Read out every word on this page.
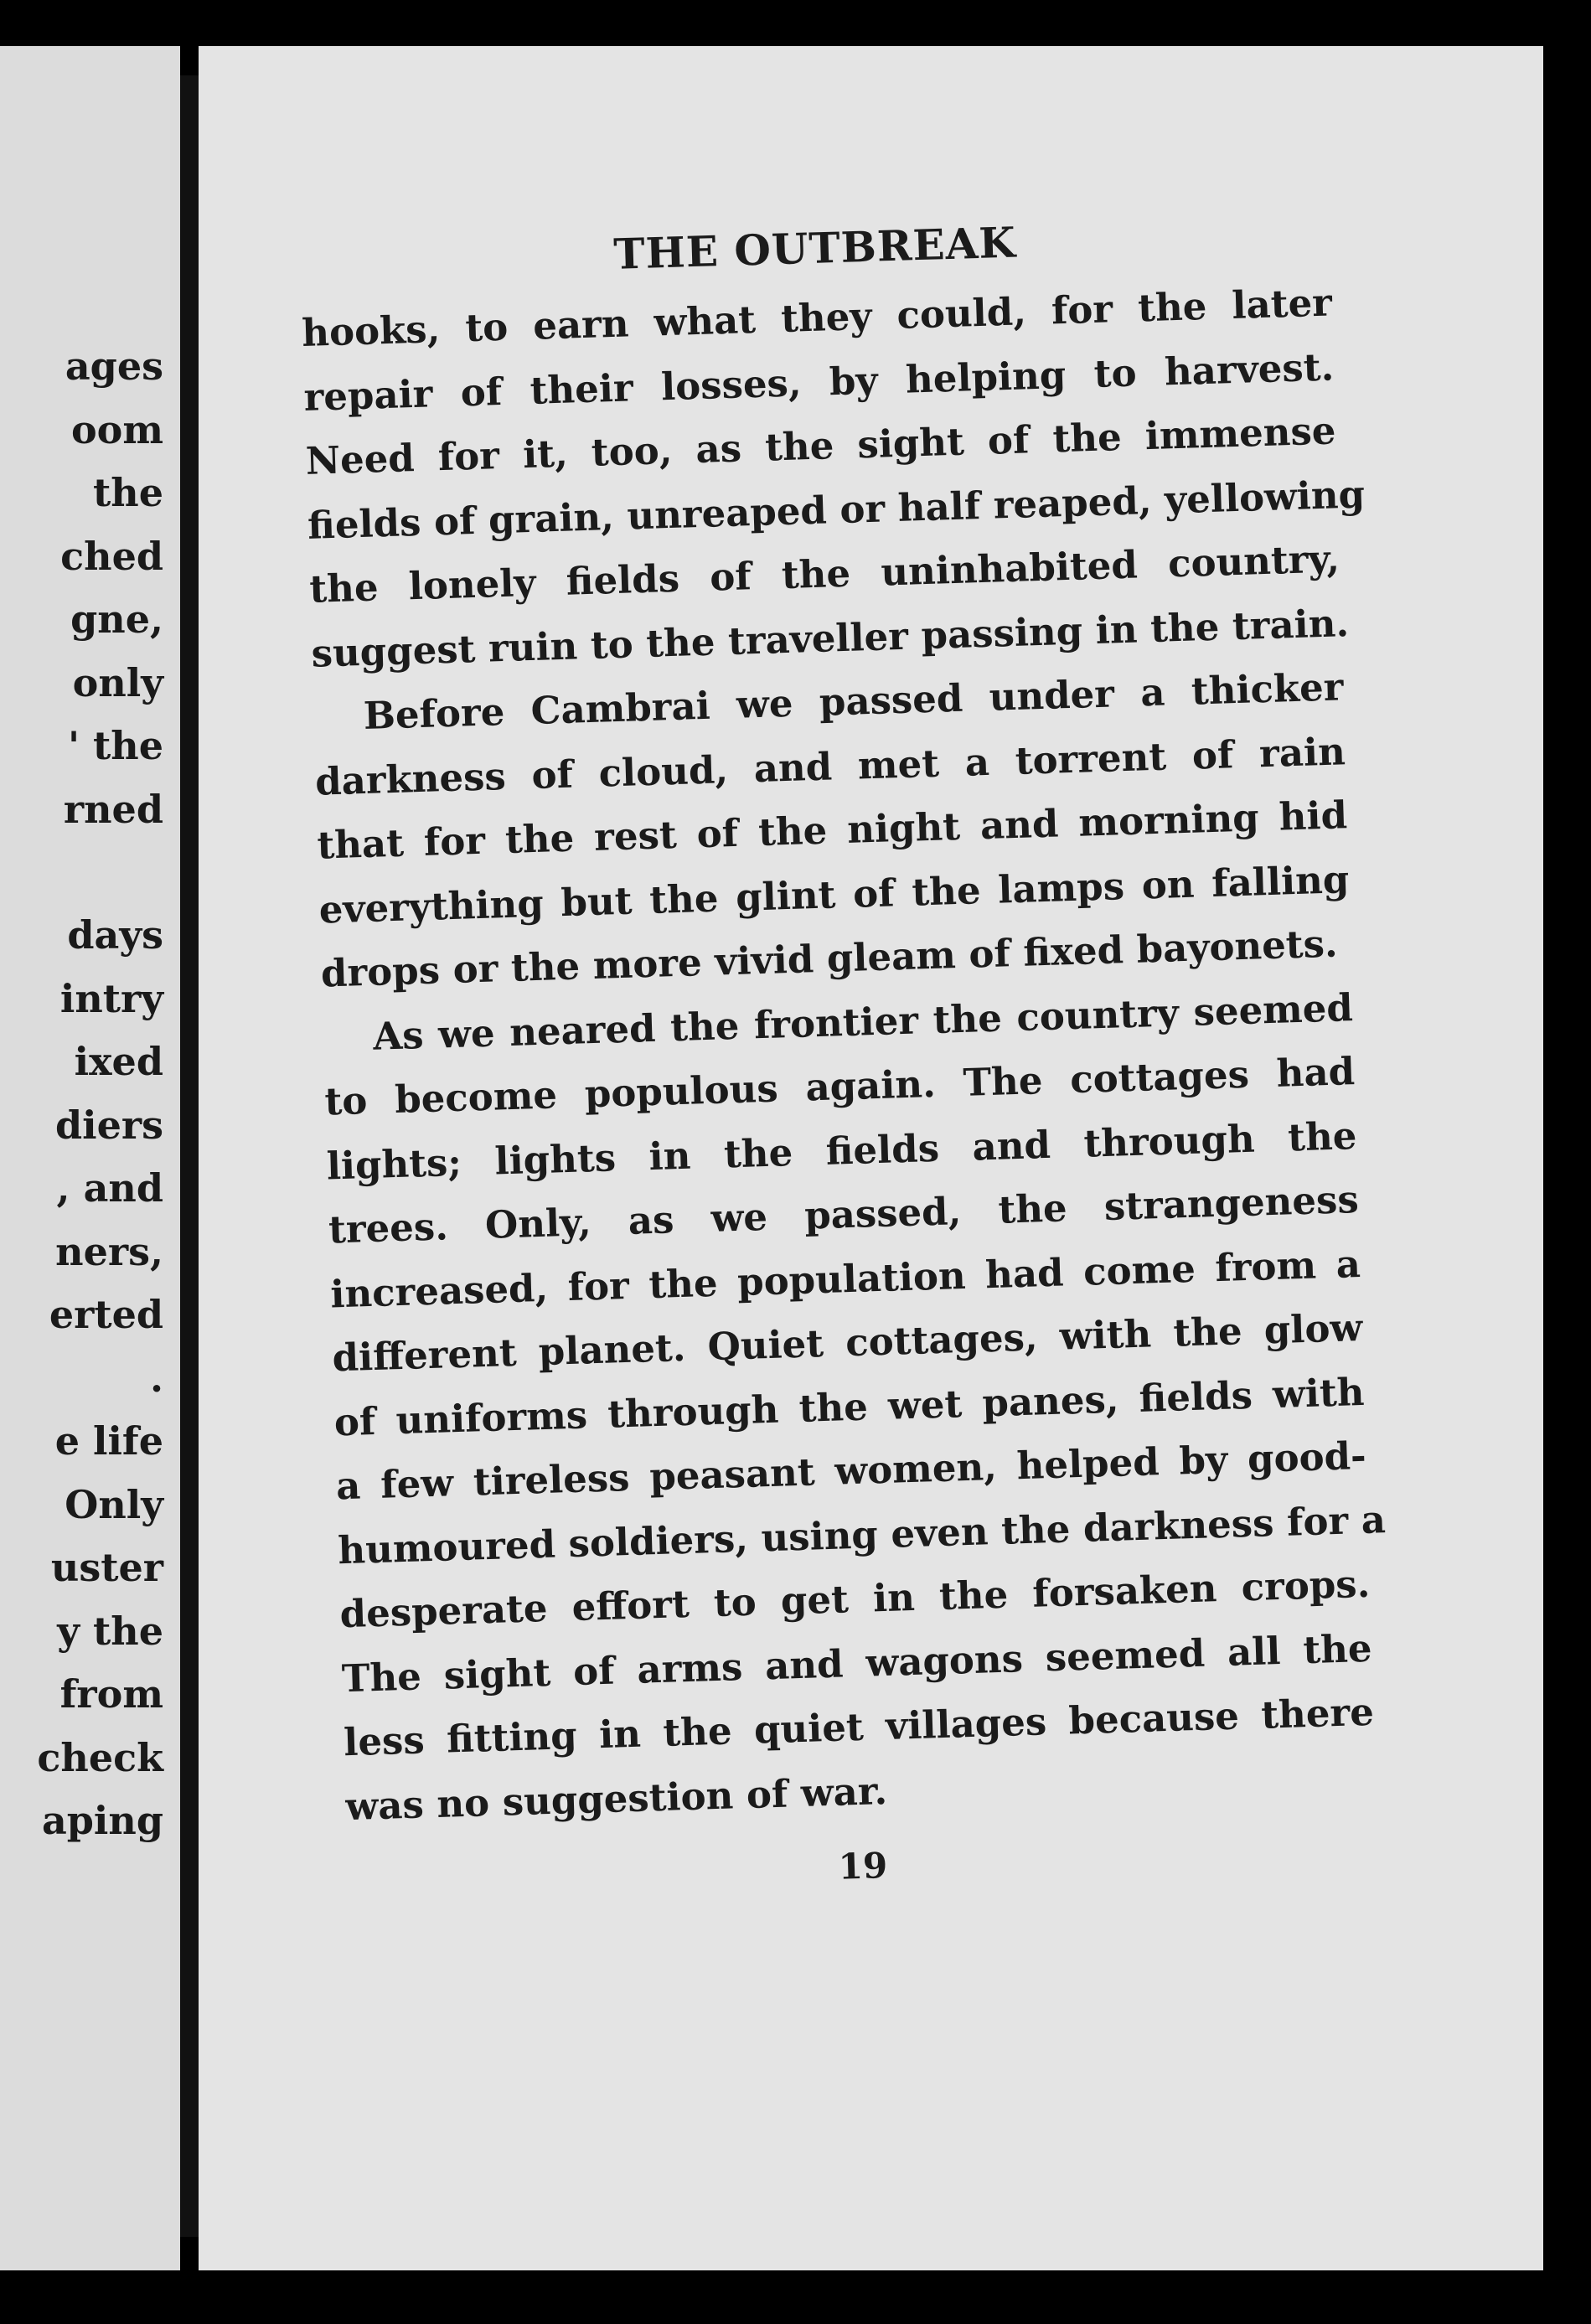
ages
oom
the
ched
gne,
only
' the
rned
days
intry
ixed
diers
, and
ners,
erted
.
e life
Only
uster
y the
from
check
aping
THE OUTBREAK
hooks, to earn what they could, for the later
repair of their losses, by helping to harvest.
Need for it, too, as the sight of the immense
fields of grain, unreaped or half reaped, yellowing
the lonely fields of the uninhabited country,
suggest ruin to the traveller passing in the train.
Before Cambrai we passed under a thicker
darkness of cloud, and met a torrent of rain
that for the rest of the night and morning hid
everything but the glint of the lamps on falling
drops or the more vivid gleam of fixed bayonets.
As we neared the frontier the country seemed
to become populous again. The cottages had
lights; lights in the fields and through the
trees. Only, as we passed, the strangeness
increased, for the population had come from a
different planet. Quiet cottages, with the glow
of uniforms through the wet panes, fields with
a few tireless peasant women, helped by good-
humoured soldiers, using even the darkness for a
desperate effort to get in the forsaken crops.
The sight of arms and wagons seemed all the
less fitting in the quiet villages because there
was no suggestion of war.
19
